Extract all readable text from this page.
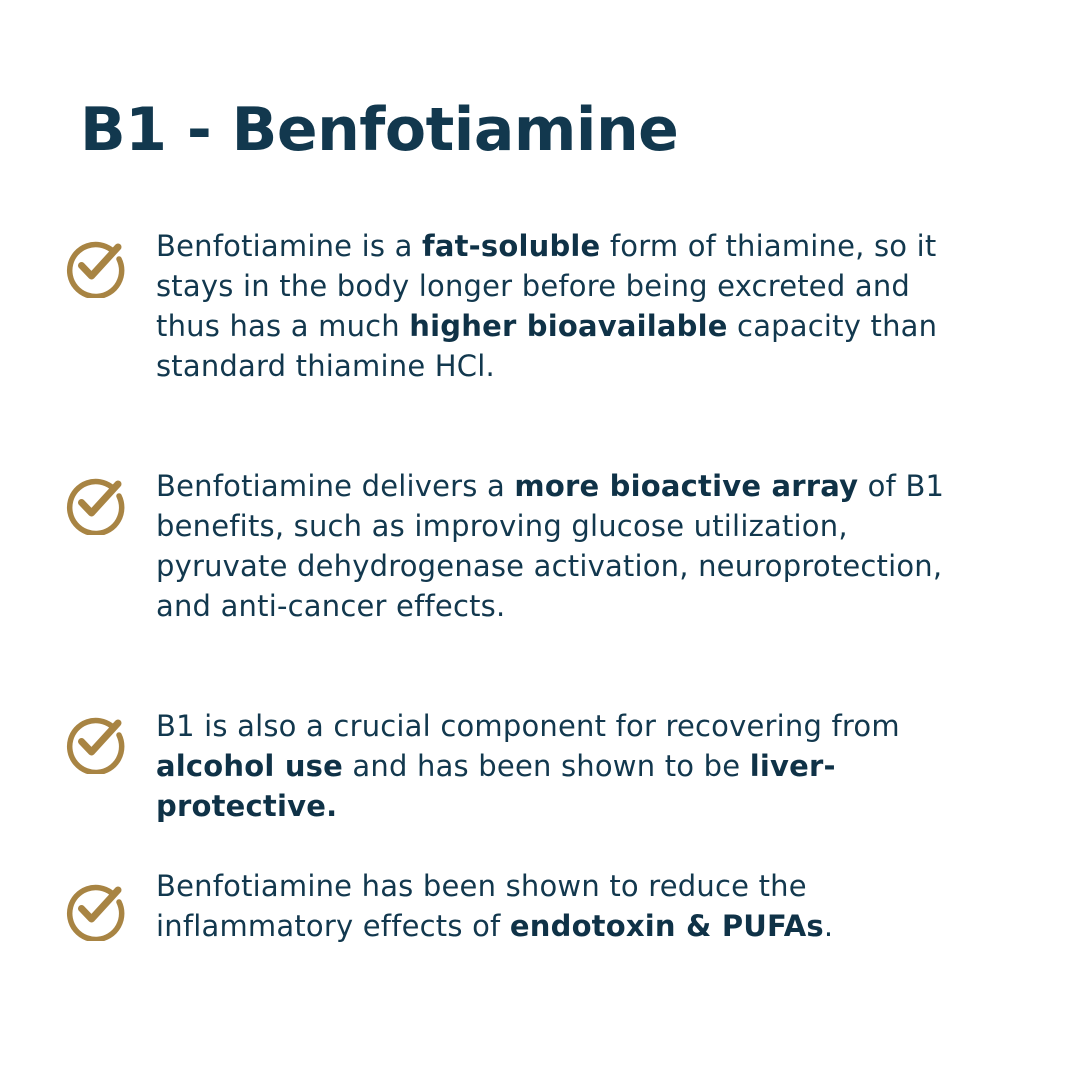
B1 - Benfotiamine

Benfotiamine is a fat-soluble form of thiamine, so it stays in the body longer before being excreted and thus has a much higher bioavailable capacity than standard thiamine HCl.

Benfotiamine delivers a more bioactive array of B1 benefits, such as improving glucose utilization, pyruvate dehydrogenase activation, neuroprotection, and anti-cancer effects.

B1 is also a crucial component for recovering from alcohol use and has been shown to be liver-protective.

Benfotiamine has been shown to reduce the inflammatory effects of endotoxin & PUFAs.
